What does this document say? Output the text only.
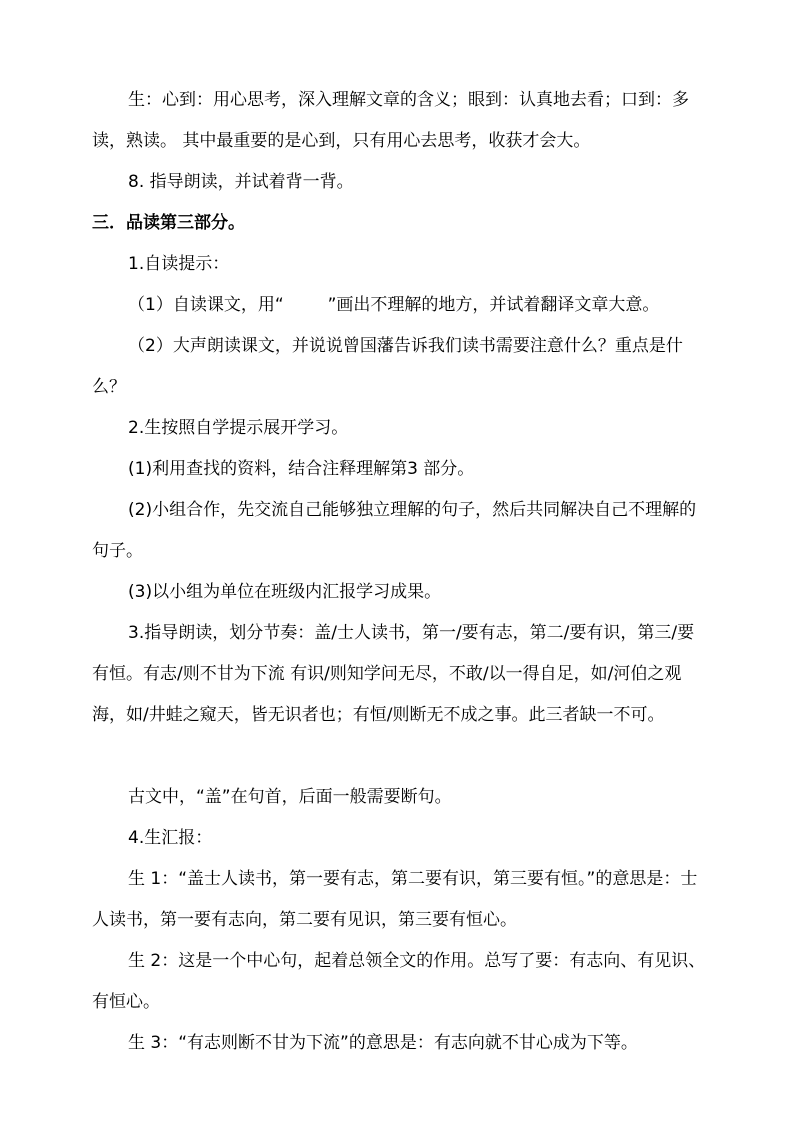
生：心到：用心思考，深入理解文章的含义；眼到：认真地去看；口到：多读，熟读。 其中最重要的是心到，只有用心去思考，收获才会大。

8. 指导朗读，并试着背一背。

三．品读第三部分。

1.自读提示：

（1）自读课文，用“	”画出不理解的地方，并试着翻译文章大意。

（2）大声朗读课文，并说说曾国藩告诉我们读书需要注意什么？重点是什么？

2.生按照自学提示展开学习。

(1)利用查找的资料，结合注释理解第3 部分。

(2)小组合作，先交流自己能够独立理解的句子，然后共同解决自己不理解的句子。

(3)以小组为单位在班级内汇报学习成果。

3.指导朗读，划分节奏：盖/士人读书，第一/要有志，第二/要有识，第三/要有恒。有志/则不甘为下流 有识/则知学问无尽，不敢/以一得自足，如/河伯之观海，如/井蛙之窥天，皆无识者也；有恒/则断无不成之事。此三者缺一不可。

古文中，“盖”在句首，后面一般需要断句。

4.生汇报：

生 1：“盖士人读书，第一要有志，第二要有识，第三要有恒。”的意思是：士人读书，第一要有志向，第二要有见识，第三要有恒心。

生 2：这是一个中心句，起着总领全文的作用。总写了要：有志向、有见识、有恒心。

生 3：“有志则断不甘为下流”的意思是：有志向就不甘心成为下等。
